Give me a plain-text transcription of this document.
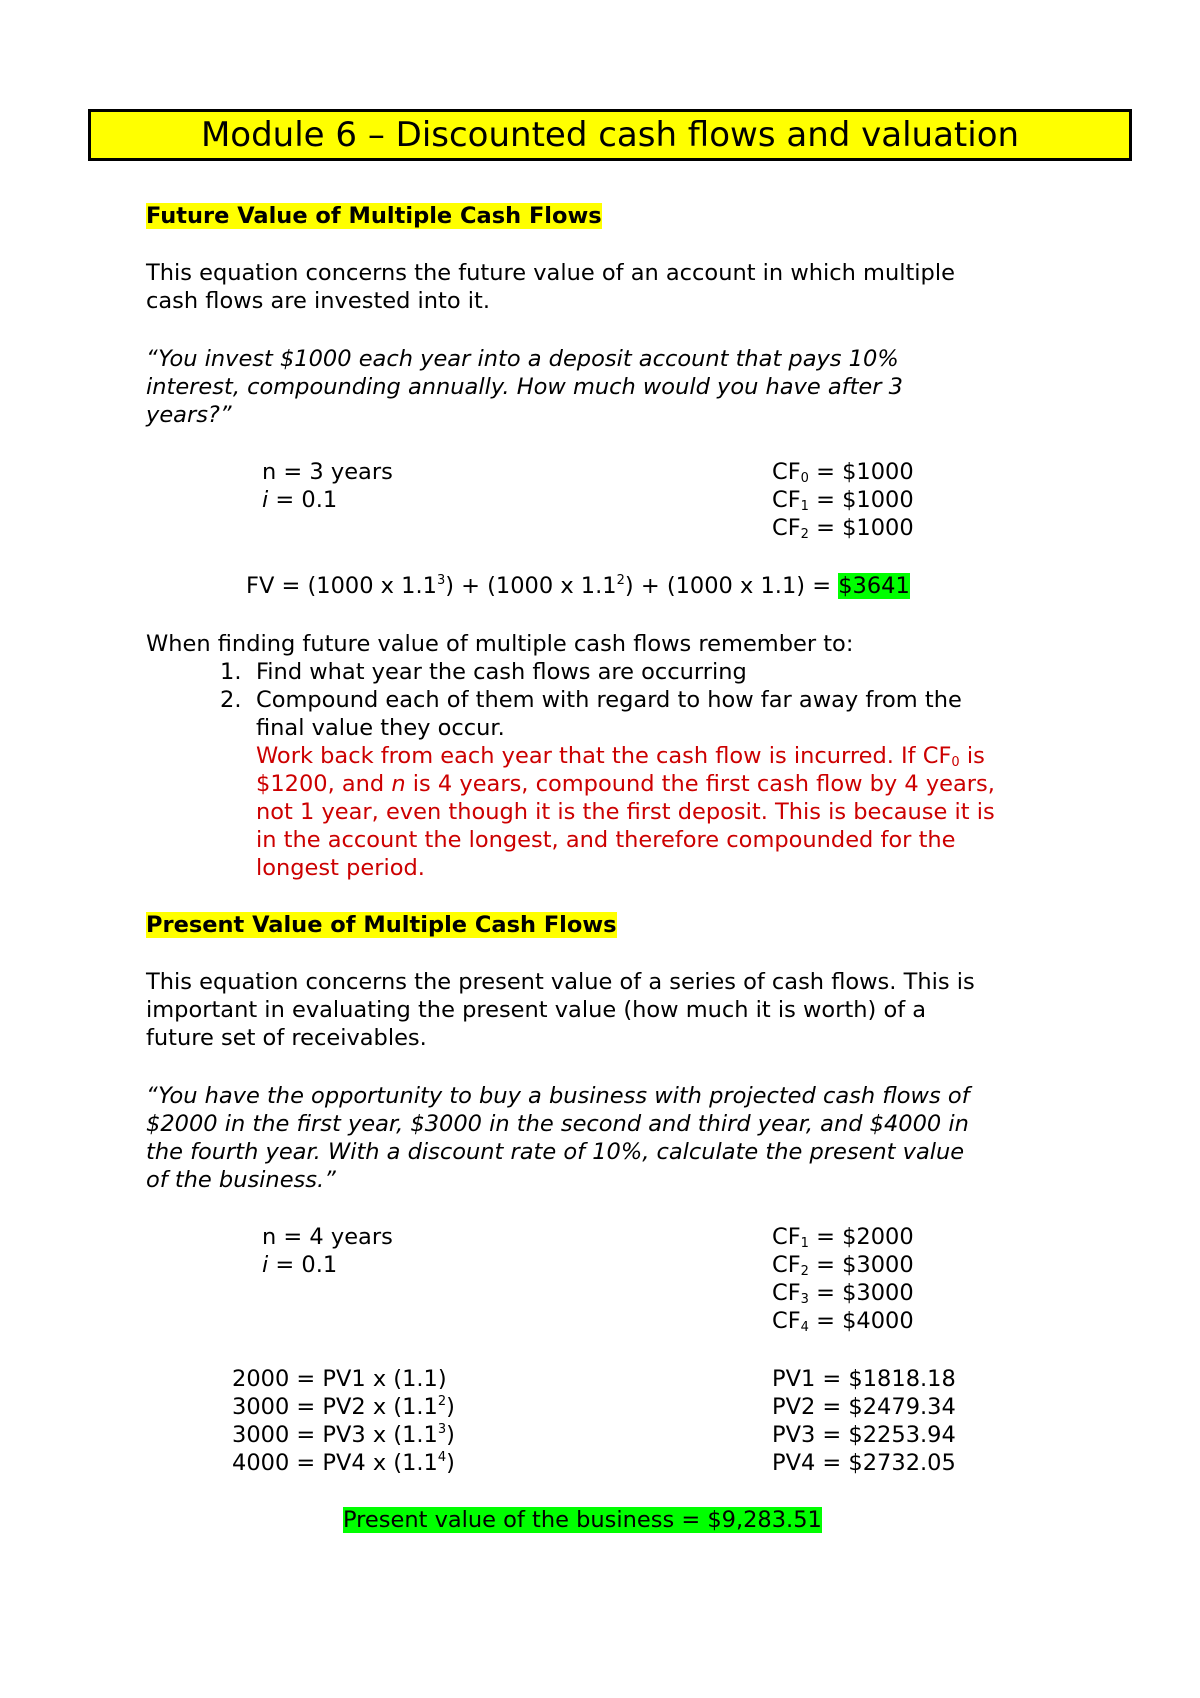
Module 6 – Discounted cash flows and valuation
Future Value of Multiple Cash Flows
This equation concerns the future value of an account in which multiple
cash flows are invested into it.
“You invest $1000 each year into a deposit account that pays 10%
interest, compounding annually. How much would you have after 3
years?”
n = 3 years
i = 0.1
$CF_0$ = $1000
$CF_1$ = $1000
$CF_2$ = $1000
FV = (1000 x $1.1^3) + (1000$ x $1.1^2) + (1000$ x 1.1) = $3641
When finding future value of multiple cash flows remember to:
1. Find what year the cash flows are occurring
2. Compound each of them with regard to how far away from the
final value they occur.
Work back from each year that the cash flow is incurred. If $CF_0$ is
$1200, and n is 4 years, compound the first cash flow by 4 years,
not 1 year, even though it is the first deposit. This is because it is
in the account the longest, and therefore compounded for the
longest period.
Present Value of Multiple Cash Flows
This equation concerns the present value of a series of cash flows. This is
important in evaluating the present value (how much it is worth) of a
future set of receivables.
“You have the opportunity to buy a business with projected cash flows of
$2000 in the first year, $3000 in the second and third year, and $4000 in
the fourth year. With a discount rate of 10%, calculate the present value
of the business.”
n = 4 years
i = 0.1
$CF_1$ = $2000
$CF_2$ = $3000
$CF_3$ = $3000
$CF_4$ = $4000
2000 = PV1 x (1.1)
3000 = PV2 x $(1.1^2)$
3000 = PV3 x $(1.1^3)$
4000 = PV4 x $(1.1^4)$
PV1 = $1818.18
PV2 = $2479.34
PV3 = $2253.94
PV4 = $2732.05
Present value of the business = $9,283.51
